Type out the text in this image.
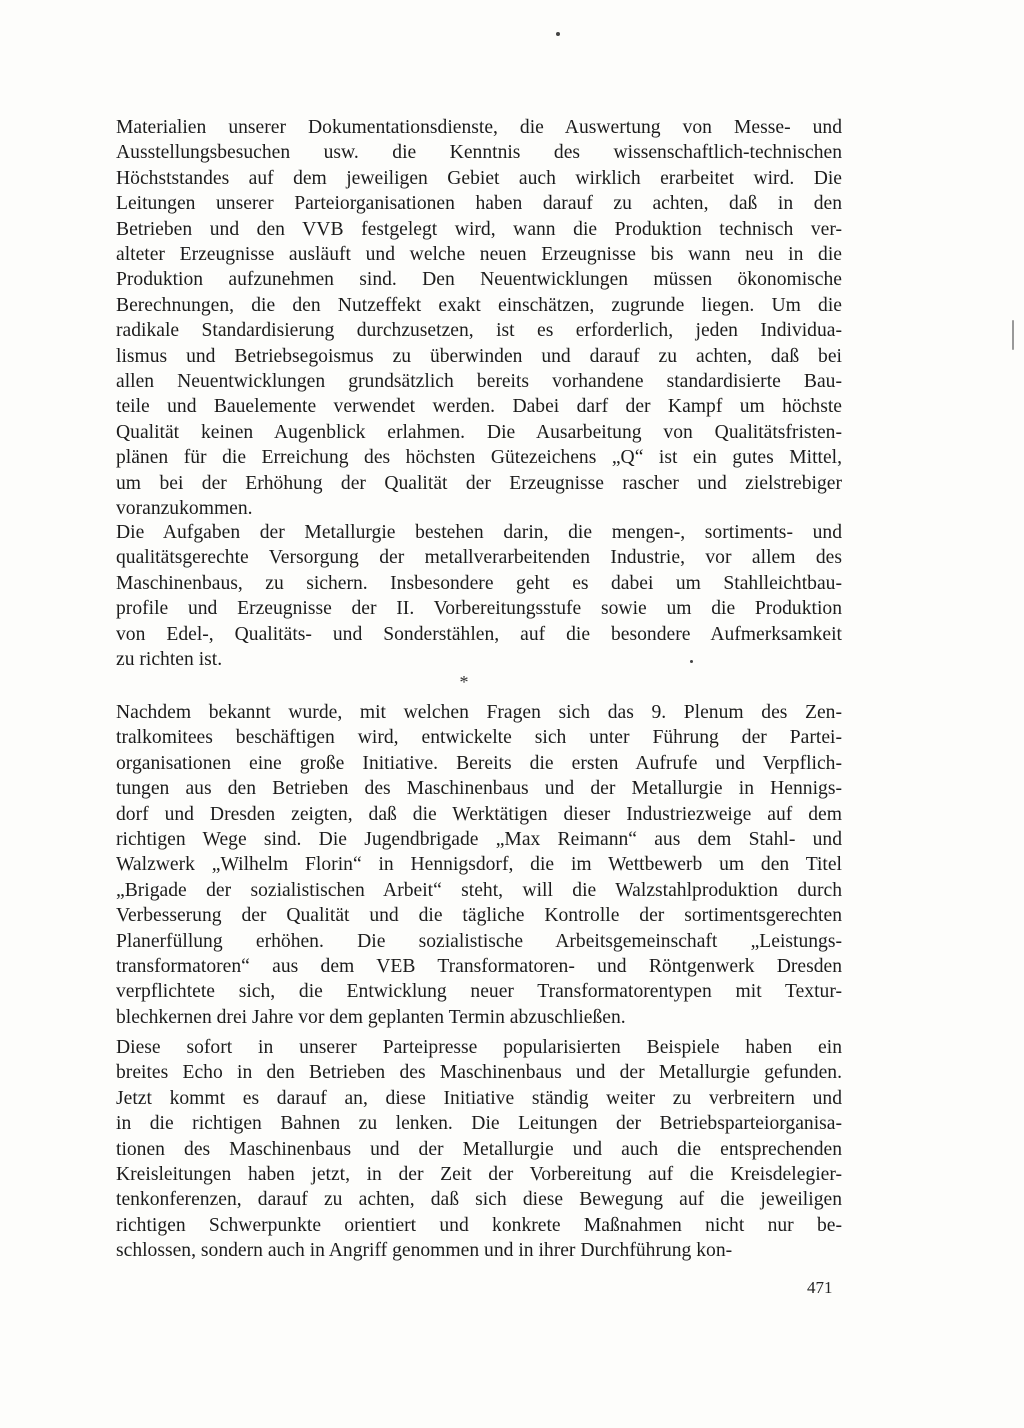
Materialien unserer Dokumentationsdienste, die Auswertung von Messe- und
Ausstellungsbesuchen usw. die Kenntnis des wissenschaftlich-technischen
Höchststandes auf dem jeweiligen Gebiet auch wirklich erarbeitet wird. Die
Leitungen unserer Parteiorganisationen haben darauf zu achten, daß in den
Betrieben und den VVB festgelegt wird, wann die Produktion technisch ver-
alteter Erzeugnisse ausläuft und welche neuen Erzeugnisse bis wann neu in die
Produktion aufzunehmen sind. Den Neuentwicklungen müssen ökonomische
Berechnungen, die den Nutzeffekt exakt einschätzen, zugrunde liegen. Um die
radikale Standardisierung durchzusetzen, ist es erforderlich, jeden Individua-
lismus und Betriebsegoismus zu überwinden und darauf zu achten, daß bei
allen Neuentwicklungen grundsätzlich bereits vorhandene standardisierte Bau-
teile und Bauelemente verwendet werden. Dabei darf der Kampf um höchste
Qualität keinen Augenblick erlahmen. Die Ausarbeitung von Qualitätsfristen-
plänen für die Erreichung des höchsten Gütezeichens „Q“ ist ein gutes Mittel,
um bei der Erhöhung der Qualität der Erzeugnisse rascher und zielstrebiger
voranzukommen.
Die Aufgaben der Metallurgie bestehen darin, die mengen-, sortiments- und
qualitätsgerechte Versorgung der metallverarbeitenden Industrie, vor allem des
Maschinenbaus, zu sichern. Insbesondere geht es dabei um Stahlleichtbau-
profile und Erzeugnisse der II. Vorbereitungsstufe sowie um die Produktion
von Edel-, Qualitäts- und Sonderstählen, auf die besondere Aufmerksamkeit
zu richten ist.
*
Nachdem bekannt wurde, mit welchen Fragen sich das 9. Plenum des Zen-
tralkomitees beschäftigen wird, entwickelte sich unter Führung der Partei-
organisationen eine große Initiative. Bereits die ersten Aufrufe und Verpflich-
tungen aus den Betrieben des Maschinenbaus und der Metallurgie in Hennigs-
dorf und Dresden zeigten, daß die Werktätigen dieser Industriezweige auf dem
richtigen Wege sind. Die Jugendbrigade „Max Reimann“ aus dem Stahl- und
Walzwerk „Wilhelm Florin“ in Hennigsdorf, die im Wettbewerb um den Titel
„Brigade der sozialistischen Arbeit“ steht, will die Walzstahlproduktion durch
Verbesserung der Qualität und die tägliche Kontrolle der sortimentsgerechten
Planerfüllung erhöhen. Die sozialistische Arbeitsgemeinschaft „Leistungs-
transformatoren“ aus dem VEB Transformatoren- und Röntgenwerk Dresden
verpflichtete sich, die Entwicklung neuer Transformatorentypen mit Textur-
blechkernen drei Jahre vor dem geplanten Termin abzuschließen.
Diese sofort in unserer Parteipresse popularisierten Beispiele haben ein
breites Echo in den Betrieben des Maschinenbaus und der Metallurgie gefunden.
Jetzt kommt es darauf an, diese Initiative ständig weiter zu verbreitern und
in die richtigen Bahnen zu lenken. Die Leitungen der Betriebsparteiorganisa-
tionen des Maschinenbaus und der Metallurgie und auch die entsprechenden
Kreisleitungen haben jetzt, in der Zeit der Vorbereitung auf die Kreisdelegier-
tenkonferenzen, darauf zu achten, daß sich diese Bewegung auf die jeweiligen
richtigen Schwerpunkte orientiert und konkrete Maßnahmen nicht nur be-
schlossen, sondern auch in Angriff genommen und in ihrer Durchführung kon-
471
